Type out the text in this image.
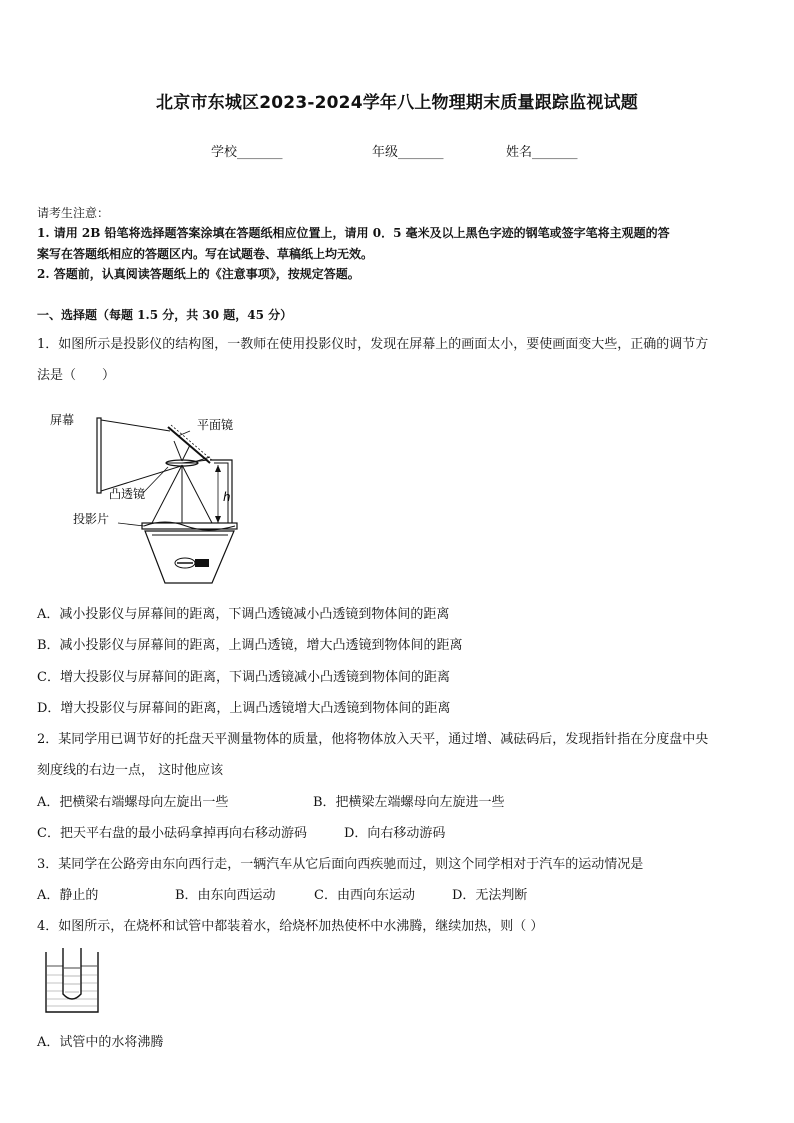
北京市东城区2023-2024学年八上物理期末质量跟踪监视试题
学校_______	年级_______	姓名_______
请考生注意：
1. 请用 2B 铅笔将选择题答案涂填在答题纸相应位置上，请用 0．5 毫米及以上黑色字迹的钢笔或签字笔将主观题的答
案写在答题纸相应的答题区内。写在试题卷、草稿纸上均无效。
2. 答题前，认真阅读答题纸上的《注意事项》，按规定答题。
一、选择题（每题 1.5 分，共 30 题，45 分）
1．如图所示是投影仪的结构图，一教师在使用投影仪时，发现在屏幕上的画面太小，要使画面变大些，正确的调节方
法是（　　）
屏幕	平面镜
h
凸透镜
投影片
A．减小投影仪与屏幕间的距离，下调凸透镜减小凸透镜到物体间的距离
B．减小投影仪与屏幕间的距离，上调凸透镜，增大凸透镜到物体间的距离
C．增大投影仪与屏幕间的距离，下调凸透镜减小凸透镜到物体间的距离
D．增大投影仪与屏幕间的距离，上调凸透镜增大凸透镜到物体间的距离
2．某同学用已调节好的托盘天平测量物体的质量，他将物体放入天平，通过增、减砝码后，发现指针指在分度盘中央
刻度线的右边一点， 这时他应该
A．把横梁右端螺母向左旋出一些	B．把横梁左端螺母向左旋进一些
C．把天平右盘的最小砝码拿掉再向右移动游码	D．向右移动游码
3．某同学在公路旁由东向西行走，一辆汽车从它后面向西疾驰而过，则这个同学相对于汽车的运动情况是
A．静止的	B．由东向西运动	C．由西向东运动	D．无法判断
4．如图所示，在烧杯和试管中都装着水，给烧杯加热使杯中水沸腾，继续加热，则（ ）
A．试管中的水将沸腾
